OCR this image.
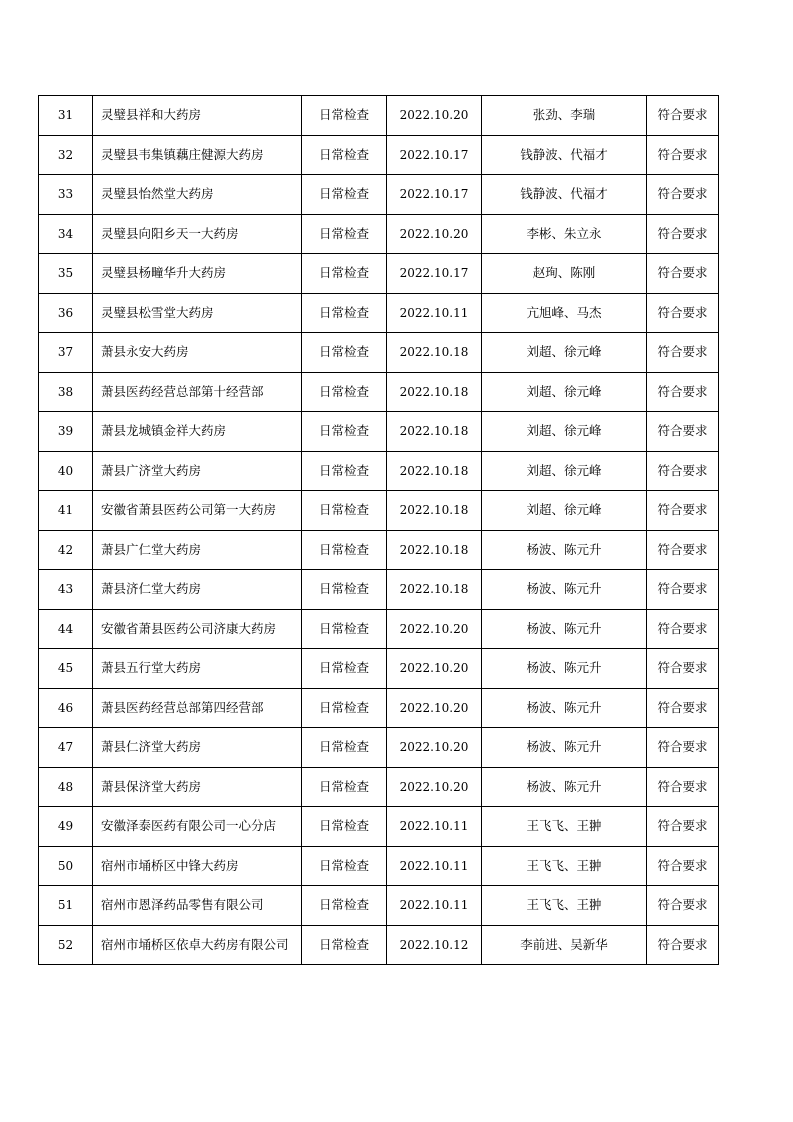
31	灵璧县祥和大药房	日常检查	2022.10.20	张劲、李瑞	符合要求
32	灵璧县韦集镇藕庄健源大药房	日常检查	2022.10.17	钱静波、代福才	符合要求
33	灵璧县怡然堂大药房	日常检查	2022.10.17	钱静波、代福才	符合要求
34	灵璧县向阳乡天一大药房	日常检查	2022.10.20	李彬、朱立永	符合要求
35	灵璧县杨疃华升大药房	日常检查	2022.10.17	赵珣、陈刚	符合要求
36	灵璧县松雪堂大药房	日常检查	2022.10.11	亢旭峰、马杰	符合要求
37	萧县永安大药房	日常检查	2022.10.18	刘超、徐元峰	符合要求
38	萧县医药经营总部第十经营部	日常检查	2022.10.18	刘超、徐元峰	符合要求
39	萧县龙城镇金祥大药房	日常检查	2022.10.18	刘超、徐元峰	符合要求
40	萧县广济堂大药房	日常检查	2022.10.18	刘超、徐元峰	符合要求
41	安徽省萧县医药公司第一大药房	日常检查	2022.10.18	刘超、徐元峰	符合要求
42	萧县广仁堂大药房	日常检查	2022.10.18	杨波、陈元升	符合要求
43	萧县济仁堂大药房	日常检查	2022.10.18	杨波、陈元升	符合要求
44	安徽省萧县医药公司济康大药房	日常检查	2022.10.20	杨波、陈元升	符合要求
45	萧县五行堂大药房	日常检查	2022.10.20	杨波、陈元升	符合要求
46	萧县医药经营总部第四经营部	日常检查	2022.10.20	杨波、陈元升	符合要求
47	萧县仁济堂大药房	日常检查	2022.10.20	杨波、陈元升	符合要求
48	萧县保济堂大药房	日常检查	2022.10.20	杨波、陈元升	符合要求
49	安徽泽泰医药有限公司一心分店	日常检查	2022.10.11	王飞飞、王翀	符合要求
50	宿州市埇桥区中锋大药房	日常检查	2022.10.11	王飞飞、王翀	符合要求
51	宿州市恩泽药品零售有限公司	日常检查	2022.10.11	王飞飞、王翀	符合要求
52	宿州市埇桥区依卓大药房有限公司	日常检查	2022.10.12	李前进、吴新华	符合要求
